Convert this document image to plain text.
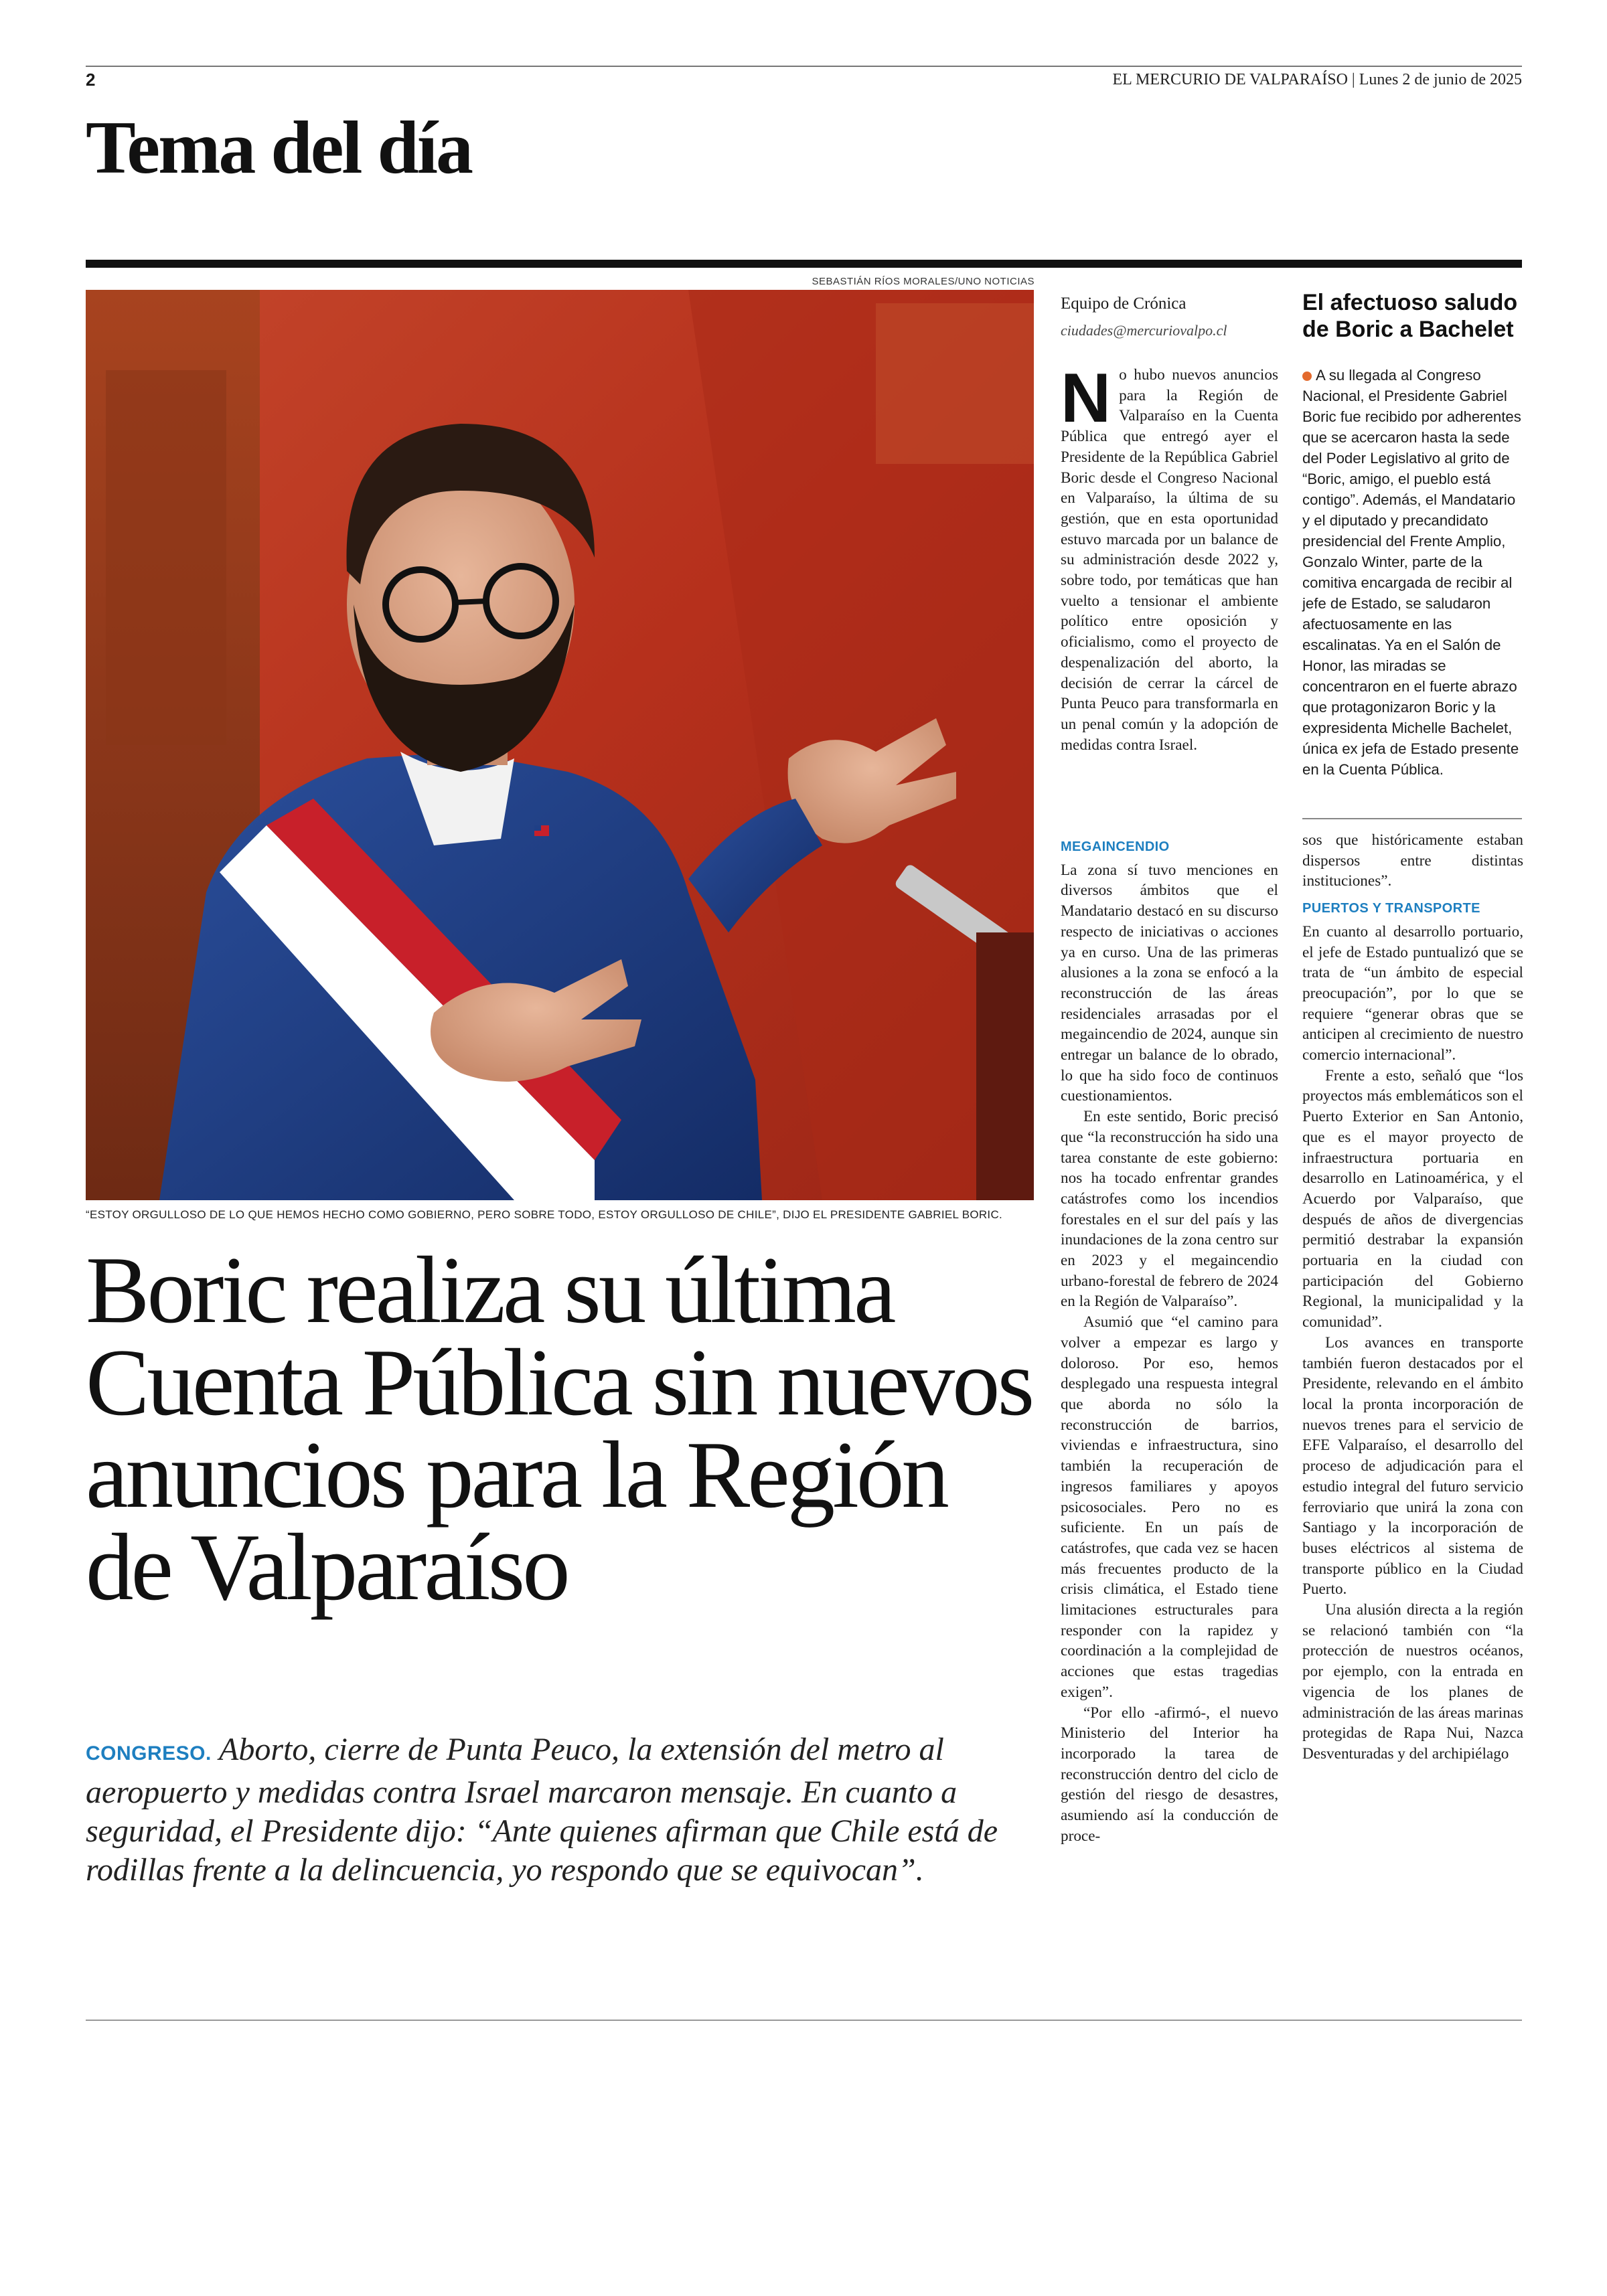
2	EL MERCURIO DE VALPARAÍSO | Lunes 2 de junio de 2025
Tema del día
SEBASTIÁN RÍOS MORALES/UNO NOTICIAS
“ESTOY ORGULLOSO DE LO QUE HEMOS HECHO COMO GOBIERNO, PERO SOBRE TODO, ESTOY ORGULLOSO DE CHILE”, DIJO EL PRESIDENTE GABRIEL BORIC.
Boric realiza su última Cuenta Pública sin nuevos anuncios para la Región de Valparaíso
CONGRESO. Aborto, cierre de Punta Peuco, la extensión del metro al aeropuerto y medidas contra Israel marcaron mensaje. En cuanto a seguridad, el Presidente dijo: “Ante quienes afirman que Chile está de rodillas frente a la delincuencia, yo respondo que se equivocan”.
Equipo de Crónica
ciudades@mercuriovalpo.cl
N o hubo nuevos anuncios para la Región de Valparaíso en la Cuenta Pública que entregó ayer el Presidente de la República Gabriel Boric desde el Congreso Nacional en Valparaíso, la última de su gestión, que en esta oportunidad estuvo marcada por un balance de su administración desde 2022 y, sobre todo, por temáticas que han vuelto a tensionar el ambiente político entre oposición y oficialismo, como el proyecto de despenalización del aborto, la decisión de cerrar la cárcel de Punta Peuco para transformarla en un penal común y la adopción de medidas contra Israel.
MEGAINCENDIO

La zona sí tuvo menciones en diversos ámbitos que el Mandatario destacó en su discurso respecto de iniciativas o acciones ya en curso. Una de las primeras alusiones a la zona se enfocó a la reconstrucción de las áreas residenciales arrasadas por el megaincendio de 2024, aunque sin entregar un balance de lo obrado, lo que ha sido foco de continuos cuestionamientos.

En este sentido, Boric precisó que “la reconstrucción ha sido una tarea constante de este gobierno: nos ha tocado enfrentar grandes catástrofes como los incendios forestales en el sur del país y las inundaciones de la zona centro sur en 2023 y el megaincendio urbano-forestal de febrero de 2024 en la Región de Valparaíso”.

Asumió que “el camino para volver a empezar es largo y doloroso. Por eso, hemos desplegado una respuesta integral que aborda no sólo la reconstrucción de barrios, viviendas e infraestructura, sino también la recuperación de ingresos familiares y apoyos psicosociales. Pero no es suficiente. En un país de catástrofes, que cada vez se hacen más frecuentes producto de la crisis climática, el Estado tiene limitaciones estructurales para responder con la rapidez y coordinación a la complejidad de acciones que estas tragedias exigen”.

“Por ello -afirmó-, el nuevo Ministerio del Interior ha incorporado la tarea de reconstrucción dentro del ciclo de gestión del riesgo de desastres, asumiendo así la conducción de proce-

sos que históricamente estaban dispersos entre distintas instituciones”.

PUERTOS Y TRANSPORTE

En cuanto al desarrollo portuario, el jefe de Estado puntualizó que se trata de “un ámbito de especial preocupación”, por lo que se requiere “generar obras que se anticipen al crecimiento de nuestro comercio internacional”.

Frente a esto, señaló que “los proyectos más emblemáticos son el Puerto Exterior en San Antonio, que es el mayor proyecto de infraestructura portuaria en desarrollo en Latinoamérica, y el Acuerdo por Valparaíso, que después de años de divergencias permitió destrabar la expansión portuaria en la ciudad con participación del Gobierno Regional, la municipalidad y la comunidad”.

Los avances en transporte también fueron destacados por el Presidente, relevando en el ámbito local la pronta incorporación de nuevos trenes para el servicio de EFE Valparaíso, el desarrollo del proceso de adjudicación para el estudio integral del futuro servicio ferroviario que unirá la zona con Santiago y la incorporación de buses eléctricos al sistema de transporte público en la Ciudad Puerto.

Una alusión directa a la región se relacionó también con “la protección de nuestros océanos, por ejemplo, con la entrada en vigencia de los planes de administración de las áreas marinas protegidas de Rapa Nui, Nazca Desventuradas y del archipiélago

El afectuoso saludo de Boric a Bachelet

A su llegada al Congreso Nacional, el Presidente Gabriel Boric fue recibido por adherentes que se acercaron hasta la sede del Poder Legislativo al grito de “Boric, amigo, el pueblo está contigo”. Además, el Mandatario y el diputado y precandidato presidencial del Frente Amplio, Gonzalo Winter, parte de la comitiva encargada de recibir al jefe de Estado, se saludaron afectuosamente en las escalinatas. Ya en el Salón de Honor, las miradas se concentraron en el fuerte abrazo que protagonizaron Boric y la expresidenta Michelle Bachelet, única ex jefa de Estado presente en la Cuenta Pública.
